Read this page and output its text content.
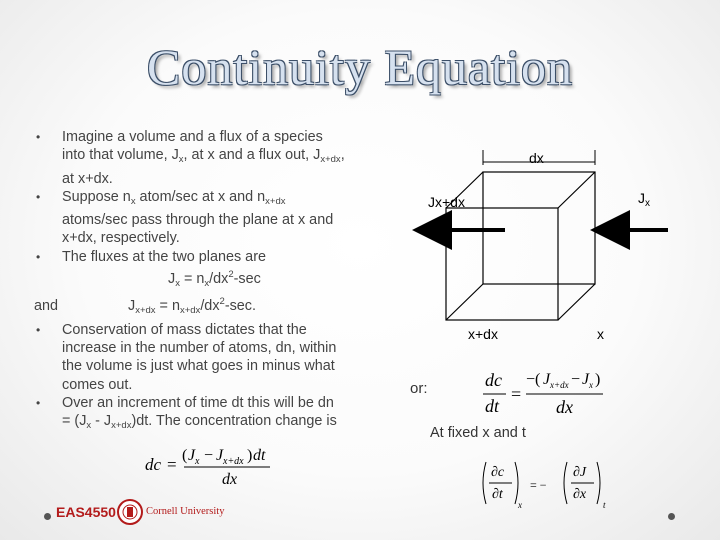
Continuity Equation
• Imagine a volume and a flux of a species
into that volume, $J_x$, at x and a flux out, $J_{x+dx}$,
at x+dx.
• Suppose $n_x$ atom/sec at x and $n_{x+dx}$
atoms/sec pass through the plane at x and
x+dx, respectively.
• The fluxes at the two planes are
$J_x = n_x/dx^2-\sec$
and	$J_{x+dx} = n_{x+dx}/dx^2-\sec$.
• Conservation of mass dictates that the
increase in the number of atoms, dn, within
the volume is just what goes in minus what
comes out.
• Over an increment of time dt this will be dn
= $(J_x - J_{x+dx})dt$. The concentration change is
dc = ( J x − J x+dx ) dt
dx
dx
Jx+dx	$J_x$
x+dx	x
or:	dc
dt
=
−( J x+dx − J x )
dx
At fixed x and t
∂c
∂t
= −
∂J
∂x
x	t
EAS4550	Cornell University
